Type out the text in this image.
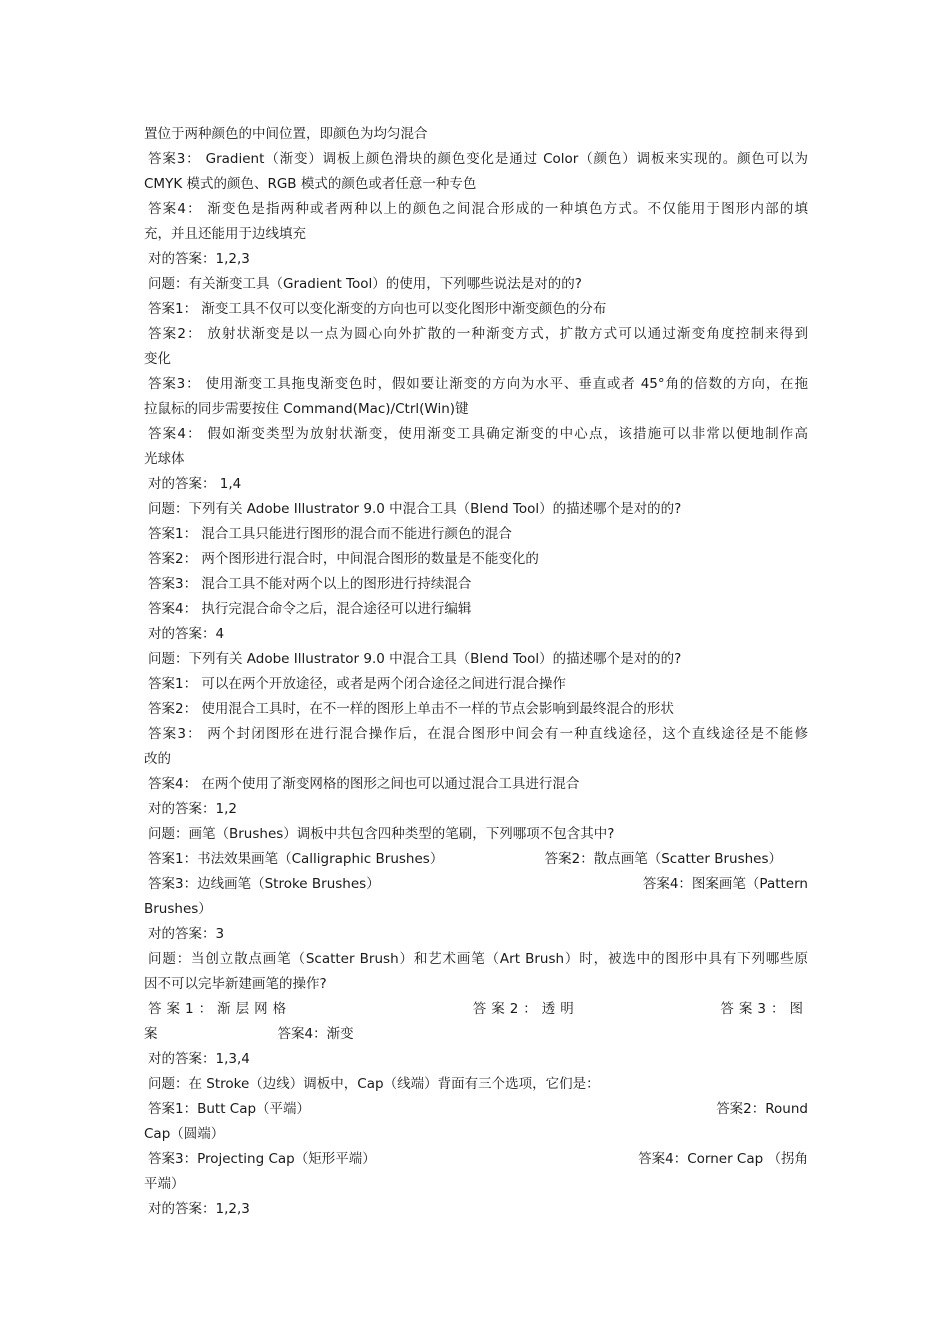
置位于两种颜色的中间位置，即颜色为均匀混合
答案3： Gradient（渐变）调板上颜色滑块的颜色变化是通过 Color（颜色）调板来实现的。颜色可以为
CMYK 模式的颜色、RGB 模式的颜色或者任意一种专色
答案4： 渐变色是指两种或者两种以上的颜色之间混合形成的一种填色方式。不仅能用于图形内部的填
充，并且还能用于边线填充
对的答案：1,2,3
问题：有关渐变工具（Gradient Tool）的使用，下列哪些说法是对的的?
答案1： 渐变工具不仅可以变化渐变的方向也可以变化图形中渐变颜色的分布
答案2： 放射状渐变是以一点为圆心向外扩散的一种渐变方式，扩散方式可以通过渐变角度控制来得到
变化
答案3： 使用渐变工具拖曳渐变色时，假如要让渐变的方向为水平、垂直或者 45°角的倍数的方向，在拖
拉鼠标的同步需要按住 Command(Mac)/Ctrl(Win)键
答案4： 假如渐变类型为放射状渐变，使用渐变工具确定渐变的中心点，该措施可以非常以便地制作高
光球体
对的答案： 1,4
问题：下列有关 Adobe Illustrator 9.0 中混合工具（Blend Tool）的描述哪个是对的的?
答案1： 混合工具只能进行图形的混合而不能进行颜色的混合
答案2： 两个图形进行混合时，中间混合图形的数量是不能变化的
答案3： 混合工具不能对两个以上的图形进行持续混合
答案4： 执行完混合命令之后，混合途径可以进行编辑
对的答案：4
问题：下列有关 Adobe Illustrator 9.0 中混合工具（Blend Tool）的描述哪个是对的的?
答案1： 可以在两个开放途径，或者是两个闭合途径之间进行混合操作
答案2： 使用混合工具时，在不一样的图形上单击不一样的节点会影响到最终混合的形状
答案3： 两个封闭图形在进行混合操作后，在混合图形中间会有一种直线途径，这个直线途径是不能修
改的
答案4： 在两个使用了渐变网格的图形之间也可以通过混合工具进行混合
对的答案：1,2
问题：画笔（Brushes）调板中共包含四种类型的笔刷，下列哪项不包含其中?
答案1：书法效果画笔（Calligraphic Brushes）	答案2：散点画笔（Scatter Brushes）
答案3：边线画笔（Stroke Brushes）	答案4：图案画笔（Pattern
Brushes）
对的答案：3
问题：当创立散点画笔（Scatter Brush）和艺术画笔（Art Brush）时，被选中的图形中具有下列哪些原
因不可以完毕新建画笔的操作?
答案1：渐层网格	答案2：透明	答案3：图
案	答案4：渐变
对的答案：1,3,4
问题：在 Stroke（边线）调板中，Cap（线端）背面有三个选项，它们是：
答案1：Butt Cap（平端）	答案2：Round
Cap（圆端）
答案3：Projecting Cap（矩形平端）	答案4：Corner Cap （拐角
平端）
对的答案：1,2,3
